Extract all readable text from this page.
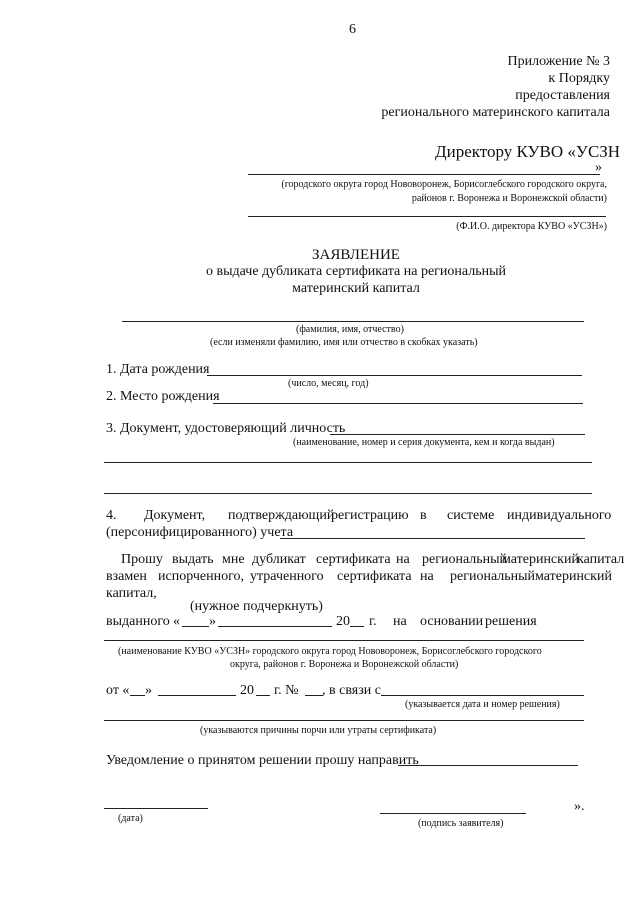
6
Приложение № 3
к Порядку
предоставления
регионального материнского капитала
Директору КУВО «УСЗН
»
(городского округа город Нововоронеж, Борисоглебского городского округа,
районов г. Воронежа и Воронежской области)
(Ф.И.О. директора КУВО «УСЗН»)
ЗАЯВЛЕНИЕ
о выдаче дубликата сертификата на региональный
материнский капитал
(фамилия, имя, отчество)
(если изменяли фамилию, имя или отчество в скобках указать)
1. Дата рождения
(число, месяц, год)
2. Место рождения
3. Документ, удостоверяющий личность
(наименование, номер и серия документа, кем и когда выдан)
4. Документ, подтверждающий
регистрацию в системе индивидуального
(персонифицированного) учета
Прошу выдать мне дубликат сертификата на региональный
материнский
капитал
взамен испорченного, утраченного сертификата на региональный материнский
капитал,
(нужное подчеркнуть)
выданного « »	20 г. на основании решения
(наименование КУВО «УСЗН» городского округа город Нововоронеж, Борисоглебского городского
округа, районов г. Воронежа и Воронежской области)
от « »	20 г. № , в связи с
(указывается дата и номер решения)
(указываются причины порчи или утраты сертификата)
Уведомление о принятом решении прошу направить
(дата)
».
(подпись заявителя)
